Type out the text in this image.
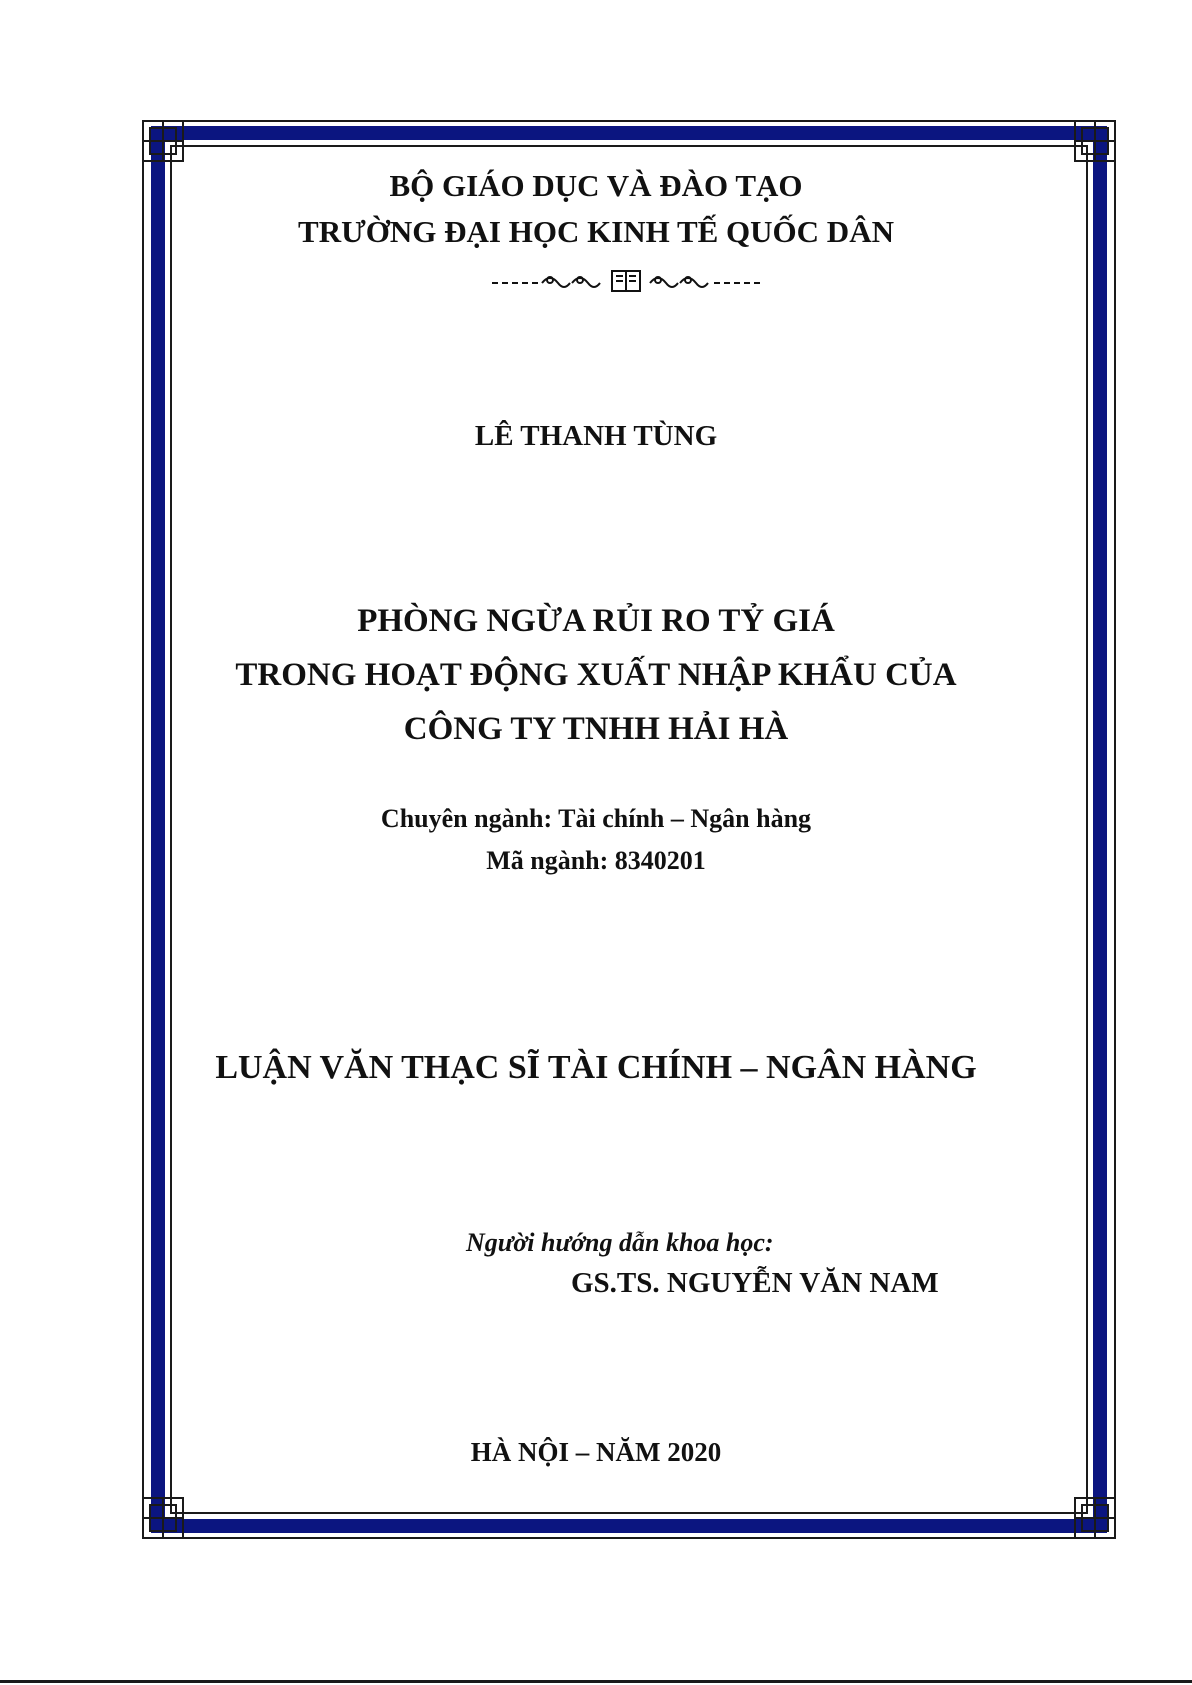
BỘ GIÁO DỤC VÀ ĐÀO TẠO
TRƯỜNG ĐẠI HỌC KINH TẾ QUỐC DÂN
LÊ THANH TÙNG
PHÒNG NGỪA RỦI RO TỶ GIÁ
TRONG HOẠT ĐỘNG XUẤT NHẬP KHẨU CỦA
CÔNG TY TNHH HẢI HÀ
Chuyên ngành: Tài chính – Ngân hàng
Mã ngành: 8340201
LUẬN VĂN THẠC SĨ TÀI CHÍNH – NGÂN HÀNG
Người hướng dẫn khoa học:
GS.TS. NGUYỄN VĂN NAM
HÀ NỘI – NĂM 2020
